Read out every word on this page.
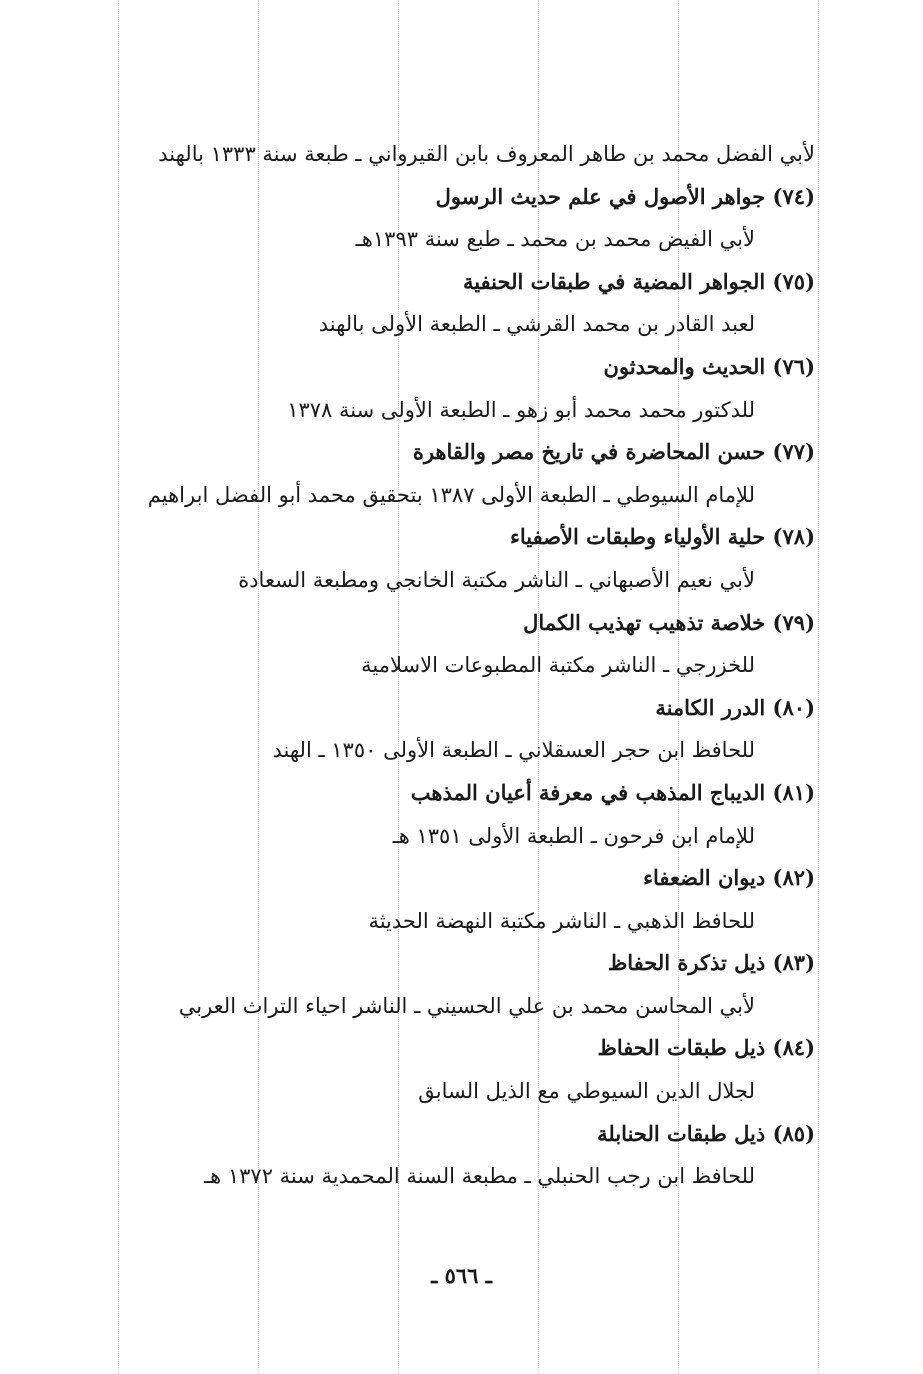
لأبي الفضل محمد بن طاهر المعروف بابن القيرواني ـ طبعة سنة ١٣٣٣ بالهند
(٧٤) جواهر الأصول في علم حديث الرسول
لأبي الفيض محمد بن محمد ـ طبع سنة ١٣٩٣هـ
(٧٥) الجواهر المضية في طبقات الحنفية
لعبد القادر بن محمد القرشي ـ الطبعة الأولى بالهند
(٧٦) الحديث والمحدثون
للدكتور محمد محمد أبو زهو ـ الطبعة الأولى سنة ١٣٧٨
(٧٧) حسن المحاضرة في تاريخ مصر والقاهرة
للإمام السيوطي ـ الطبعة الأولى ١٣٨٧ بتحقيق محمد أبو الفضل ابراهيم
(٧٨) حلية الأولياء وطبقات الأصفياء
لأبي نعيم الأصبهاني ـ الناشر مكتبة الخانجي ومطبعة السعادة
(٧٩) خلاصة تذهيب تهذيب الكمال
للخزرجي ـ الناشر مكتبة المطبوعات الاسلامية
(٨٠) الدرر الكامنة
للحافظ ابن حجر العسقلاني ـ الطبعة الأولى ١٣٥٠ ـ الهند
(٨١) الديباج المذهب في معرفة أعيان المذهب
للإمام ابن فرحون ـ الطبعة الأولى ١٣٥١ هـ
(٨٢) ديوان الضعفاء
للحافظ الذهبي ـ الناشر مكتبة النهضة الحديثة
(٨٣) ذيل تذكرة الحفاظ
لأبي المحاسن محمد بن علي الحسيني ـ الناشر احياء التراث العربي
(٨٤) ذيل طبقات الحفاظ
لجلال الدين السيوطي مع الذيل السابق
(٨٥) ذيل طبقات الحنابلة
للحافظ ابن رجب الحنبلي ـ مطبعة السنة المحمدية سنة ١٣٧٢ هـ
ـ ٥٦٦ ـ
